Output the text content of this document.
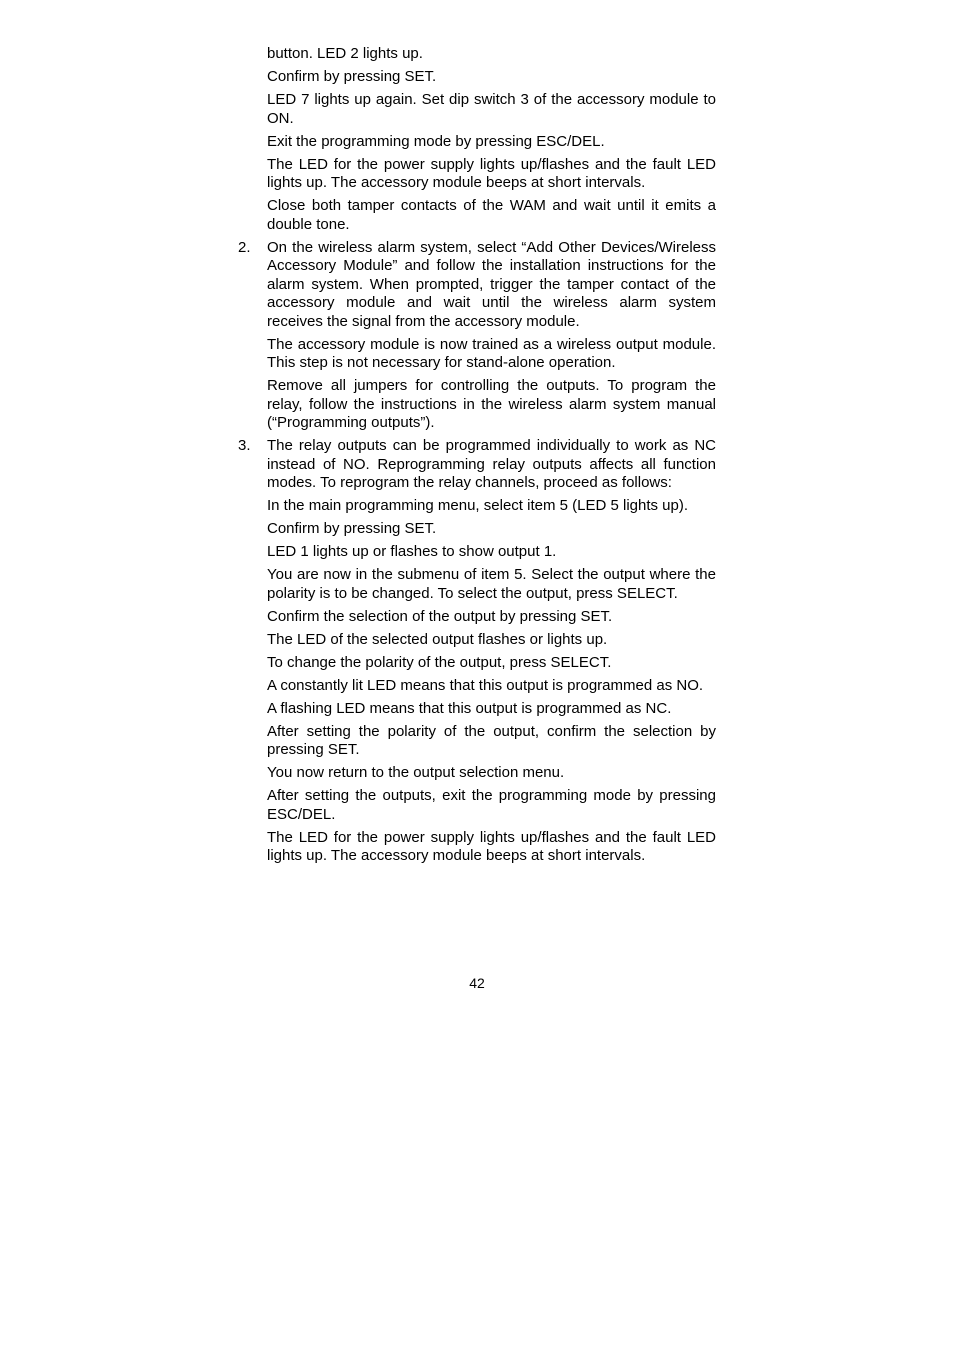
button. LED 2 lights up.

Confirm by pressing SET.

LED 7 lights up again. Set dip switch 3 of the accessory module to ON.

Exit the programming mode by pressing ESC/DEL.

The LED for the power supply lights up/flashes and the fault LED lights up. The accessory module beeps at short intervals.

Close both tamper contacts of the WAM and wait until it emits a double tone.

2. On the wireless alarm system, select “Add Other Devices/Wireless Accessory Module” and follow the installation instructions for the alarm system. When prompted, trigger the tamper contact of the accessory module and wait until the wireless alarm system receives the signal from the accessory module.

The accessory module is now trained as a wireless output module. This step is not necessary for stand-alone operation.

Remove all jumpers for controlling the outputs. To program the relay, follow the instructions in the wireless alarm system manual (“Programming outputs”).

3. The relay outputs can be programmed individually to work as NC instead of NO. Reprogramming relay outputs affects all function modes. To reprogram the relay channels, proceed as follows:

In the main programming menu, select item 5 (LED 5 lights up).

Confirm by pressing SET.

LED 1 lights up or flashes to show output 1.

You are now in the submenu of item 5. Select the output where the polarity is to be changed. To select the output, press SELECT.

Confirm the selection of the output by pressing SET.

The LED of the selected output flashes or lights up.

To change the polarity of the output, press SELECT.

A constantly lit LED means that this output is programmed as NO.

A flashing LED means that this output is programmed as NC.

After setting the polarity of the output, confirm the selection by pressing SET.

You now return to the output selection menu.

After setting the outputs, exit the programming mode by pressing ESC/DEL.

The LED for the power supply lights up/flashes and the fault LED lights up. The accessory module beeps at short intervals.

42
